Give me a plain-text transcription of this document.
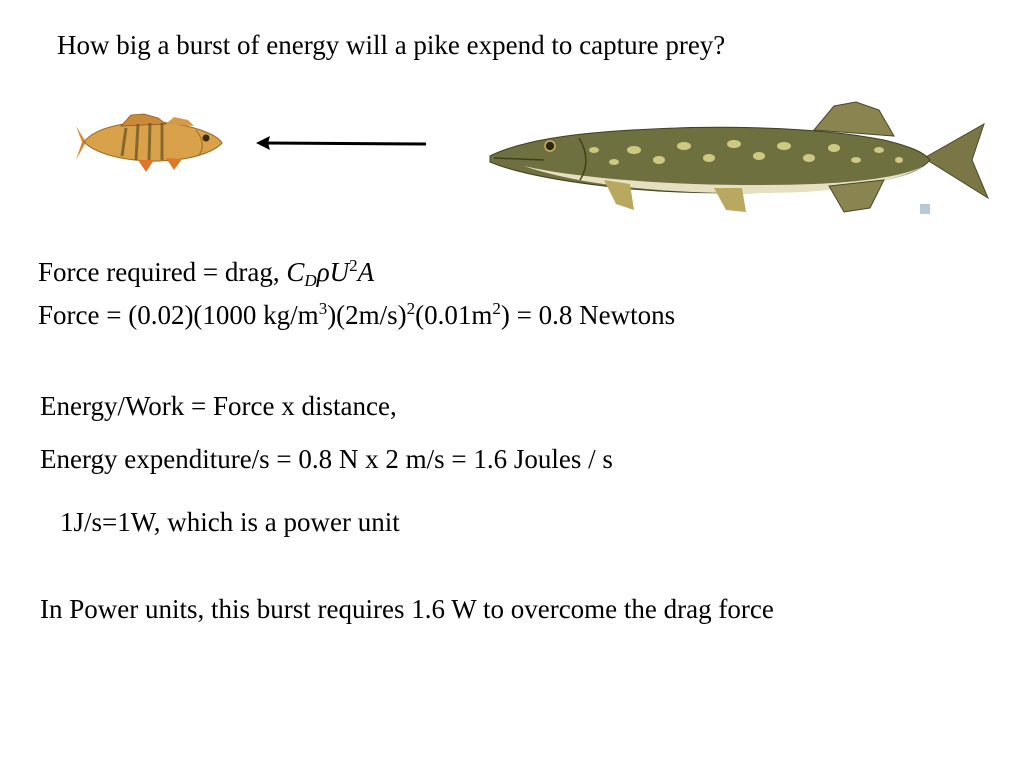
How big a burst of energy will a pike expend to capture prey?
Force required = drag, $C_D\rho U^2A$
Force = (0.02)(1000 $kg/m^3)(2m/s)^2(0.01m^2) = 0.8$ Newtons
Energy/Work = Force x distance,
Energy expenditure/s = 0.8 N x 2 m/s = 1.6 Joules / s
1J/s=1W, which is a power unit
In Power units, this burst requires 1.6 W to overcome the drag force
